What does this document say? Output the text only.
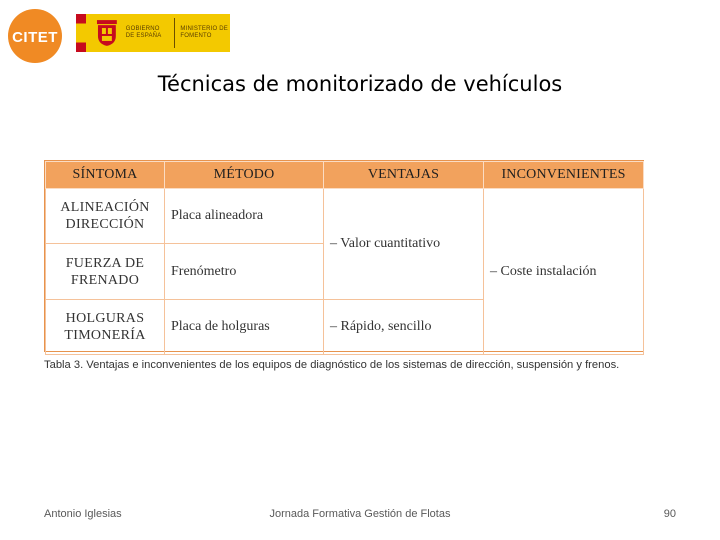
CITET	GOBIERNO DE ESPAÑA
MINISTERIO DE FOMENTO
Técnicas de monitorizado de vehículos
SÍNTOMA	MÉTODO	VENTAJAS	INCONVENIENTES

ALINEACIÓN
DIRECCIÓN	Placa alineadora	– Valor cuantitativo	– Coste instalación

FUERZA DE
FRENADO	Frenómetro		

HOLGURAS
TIMONERÍA	Placa de holguras	– Rápido, sencillo	
Tabla 3. Ventajas e inconvenientes de los equipos de diagnóstico de los sistemas de dirección, suspensión y frenos.
Antonio Iglesias	Jornada Formativa Gestión de Flotas	90
